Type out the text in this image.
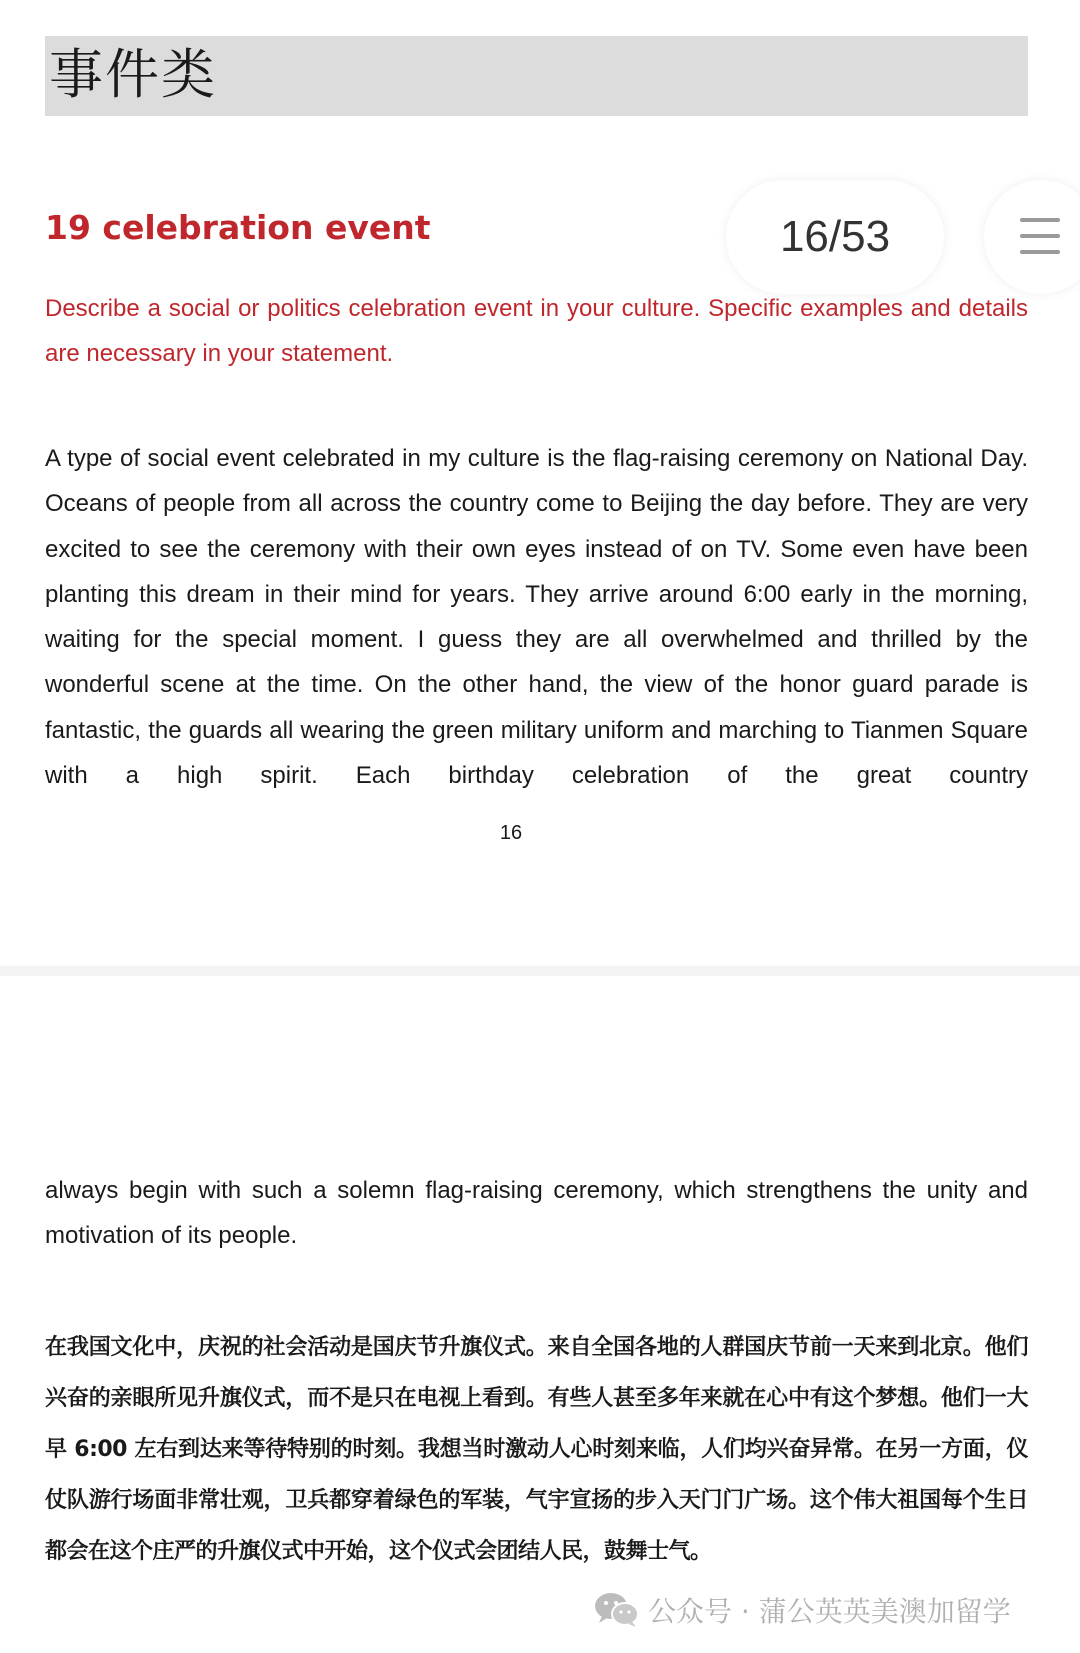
事件类
19 celebration event	16/53
Describe a social or politics celebration event in your culture. Specific examples and details are necessary in your statement.
A type of social event celebrated in my culture is the flag-raising ceremony on National Day. Oceans of people from all across the country come to Beijing the day before. They are very excited to see the ceremony with their own eyes instead of on TV. Some even have been planting this dream in their mind for years. They arrive around 6:00 early in the morning, waiting for the special moment. I guess they are all overwhelmed and thrilled by the wonderful scene at the time. On the other hand, the view of the honor guard parade is fantastic, the guards all wearing the green military uniform and marching to Tianmen Square with a high spirit. Each birthday celebration of the great country
16
always begin with such a solemn flag-raising ceremony, which strengthens the unity and motivation of its people.
在我国文化中，庆祝的社会活动是国庆节升旗仪式。来自全国各地的人群国庆节前一天来到北京。他们兴奋的亲眼所见升旗仪式，而不是只在电视上看到。有些人甚至多年来就在心中有这个梦想。他们一大早 6:00 左右到达来等待特别的时刻。我想当时激动人心时刻来临，人们均兴奋异常。在另一方面，仪仗队游行场面非常壮观，卫兵都穿着绿色的军装，气宇宣扬的步入天门门广场。这个伟大祖国每个生日都会在这个庄严的升旗仪式中开始，这个仪式会团结人民，鼓舞士气。
公众号 · 蒲公英英美澳加留学
